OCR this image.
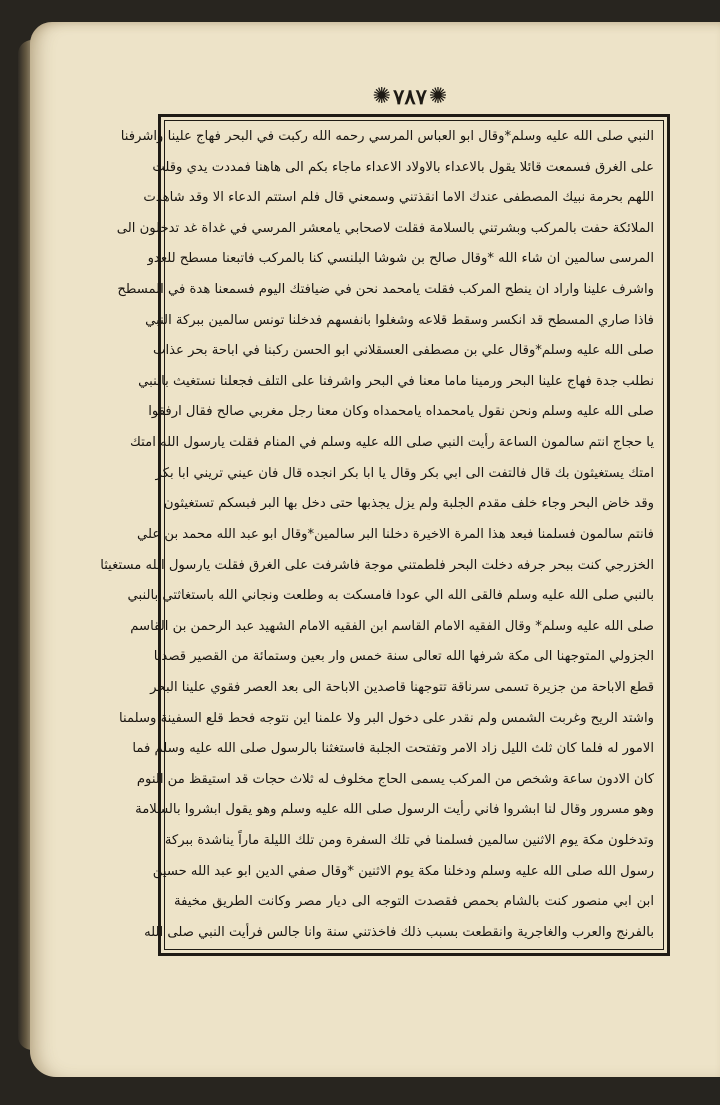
✺ ٧٨٧ ✺
النبي صلى الله عليه وسلم*وقال ابو العباس المرسي رحمه الله ركبت في البحر فهاج علينا واشرفنا
على الغرق فسمعت قائلا يقول بالاعداء بالاولاد الاعداء ماجاء بكم الى هاهنا فمددت يدي وقلت
اللهم بحرمة نبيك المصطفى عندك الاما انقذتني وسمعني قال فلم استتم الدعاء الا وقد شاهدت
الملائكة حفت بالمركب وبشرتني بالسلامة فقلت لاصحابي يامعشر المرسي في غداة غد تدخلون الى
المرسى سالمين ان شاء الله *وقال صالح بن شوشا البلنسي كنا بالمركب فاتبعنا مسطح للعدو
واشرف علينا واراد ان ينطح المركب فقلت يامحمد نحن في ضيافتك اليوم فسمعنا هدة في المسطح
فاذا صاري المسطح قد انكسر وسقط قلاعه وشغلوا بانفسهم فدخلنا تونس سالمين ببركة النبي
صلى الله عليه وسلم*وقال علي بن مصطفى العسقلاني ابو الحسن ركبنا في اباحة بحر عذاب
نطلب جدة فهاج علينا البحر ورمينا ماما معنا في البحر واشرفنا على التلف فجعلنا نستغيث بالنبي
صلى الله عليه وسلم ونحن نقول يامحمداه يامحمداه وكان معنا رجل مغربي صالح فقال ارفقوا
يا حجاج انتم سالمون الساعة رأيت النبي صلى الله عليه وسلم في المنام فقلت يارسول الله امتك
امتك يستغيثون بك قال فالتفت الى ابي بكر وقال يا ابا بكر انجده قال فان عيني تريني ابا بكر
وقد خاض البحر وجاء خلف مقدم الجلبة ولم يزل يجذبها حتى دخل بها البر فبسكم تستغيثون
فانتم سالمون فسلمنا فبعد هذا المرة الاخيرة دخلنا البر سالمين*وقال ابو عبد الله محمد بن علي
الخزرجي كنت ببحر جرفه دخلت البحر فلطمتني موجة فاشرفت على الغرق فقلت يارسول الله مستغيثا
بالنبي صلى الله عليه وسلم فالقى الله الي عودا فامسكت به وطلعت ونجاني الله باستغاثتي بالنبي
صلى الله عليه وسلم* وقال الفقيه الامام القاسم ابن الفقيه الامام الشهيد عبد الرحمن بن القاسم
الجزولي المتوجهنا الى مكة شرفها الله تعالى سنة خمس وار بعين وستمائة من القصير قصدنا
قطع الاباحة من جزيرة تسمى سرناقة تتوجهنا قاصدين الاباحة الى بعد العصر فقوي علينا البحر
واشتد الريح وغربت الشمس ولم نقدر على دخول البر ولا علمنا اين نتوجه فحط قلع السفينة وسلمنا
الامور له فلما كان ثلث الليل زاد الامر وتفتحت الجلبة فاستغثنا بالرسول صلى الله عليه وسلم فما
كان الادون ساعة وشخص من المركب يسمى الحاج مخلوف له ثلاث حجات قد استيقظ من النوم
وهو مسرور وقال لنا ابشروا فاني رأيت الرسول صلى الله عليه وسلم وهو يقول ابشروا بالسلامة
وتدخلون مكة يوم الاثنين سالمين فسلمنا في تلك السفرة ومن تلك الليلة ماراً يناشدة ببركة
رسول الله صلى الله عليه وسلم ودخلنا مكة يوم الاثنين *وقال صفي الدين ابو عبد الله حسين
ابن ابي منصور كنت بالشام بحمص فقصدت التوجه الى ديار مصر وكانت الطريق مخيفة
بالفرنج والعرب والغاجرية وانقطعت بسبب ذلك فاخذتني سنة وانا جالس فرأيت النبي صلى الله
